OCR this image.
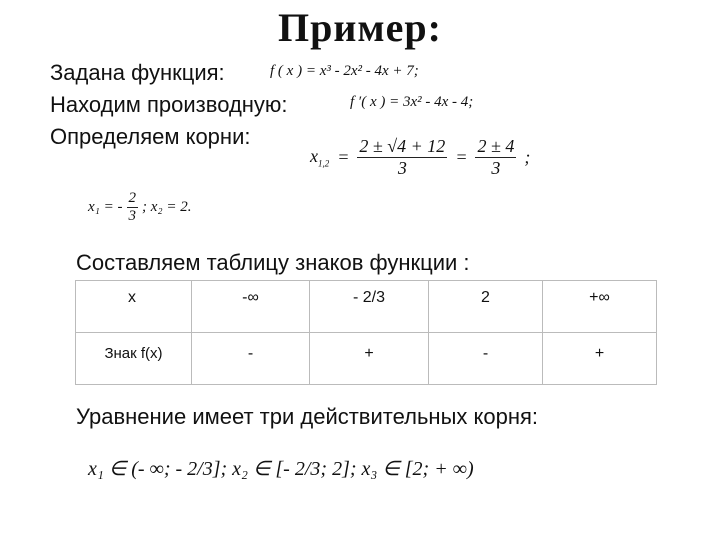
Пример:
Задана функция:	f ( x ) = x³ - 2x² - 4x + 7;
Находим производную:	f ′( x ) = 3x² - 4x - 4;
Определяем корни:
$x_{1,2} = \frac{2 \pm √4 + 12}{3} = \frac{2 \pm 4}{3}$ ;
x₁ = - $\frac{2}{3}$ ; x₂ = 2.
Составляем таблицу знаков функции :
x	-∞	- 2/3	2	+∞

Знак f(x)	-	+	-	+
Уравнение имеет три действительных корня:
x₁ ∈ (- ∞; - 2/3]; x₂ ∈ [- 2/3; 2]; x₃ ∈ [2; + ∞)
